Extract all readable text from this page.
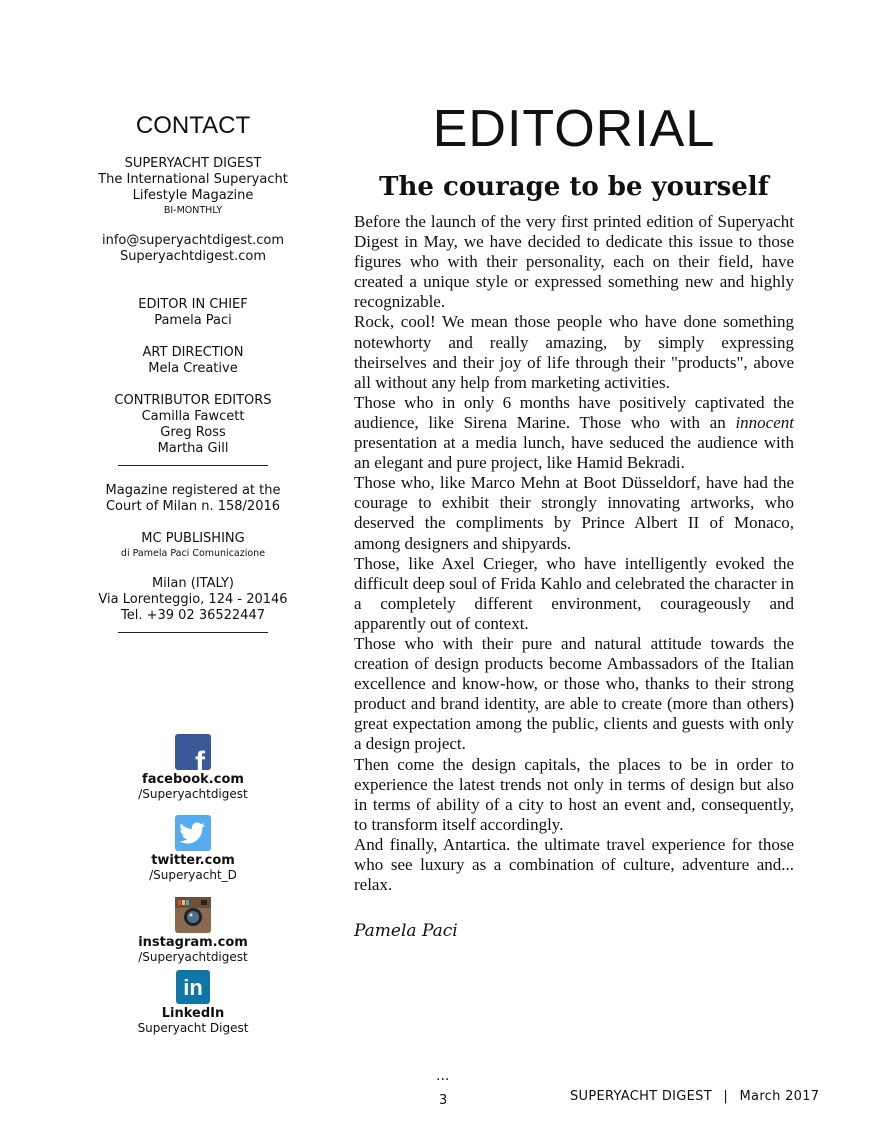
CONTACT
SUPERYACHT DIGEST
The International Superyacht
Lifestyle Magazine
BI-MONTHLY
info@superyachtdigest.com
Superyachtdigest.com
EDITOR IN CHIEF
Pamela Paci
ART DIRECTION
Mela Creative
CONTRIBUTOR EDITORS
Camilla Fawcett
Greg Ross
Martha Gill
Magazine registered at the
Court of Milan n. 158/2016
MC PUBLISHING
di Pamela Paci Comunicazione
Milan (ITALY)
Via Lorenteggio, 124 - 20146
Tel. +39 02 36522447
f
facebook.com
/Superyachtdigest
twitter.com
/Superyacht_D
instagram.com
/Superyachtdigest
in
LinkedIn
Superyacht Digest
EDITORIAL
The courage to be yourself

Before the launch of the very first printed edition of Superyacht Digest in May, we have decided to dedicate this issue to those figures who with their personality, each on their field, have created a unique style or expressed something new and highly recognizable.

Rock, cool! We mean those people who have done something notewhorty and really amazing, by simply expressing theirselves and their joy of life through their "products", above all without any help from marketing activities.

Those who in only 6 months have positively captivated the audience, like Sirena Marine. Those who with an innocent presentation at a media lunch, have seduced the audience with an elegant and pure project, like Hamid Bekradi.

Those who, like Marco Mehn at Boot Düsseldorf, have had the courage to exhibit their strongly innovating artworks, who deserved the compliments by Prince Albert II of Monaco, among designers and shipyards.

Those, like Axel Crieger, who have intelligently evoked the difficult deep soul of Frida Kahlo and celebrated the character in a completely different environment, courageously and apparently out of context.

Those who with their pure and natural attitude towards the creation of design products become Ambassadors of the Italian excellence and know-how, or those who, thanks to their strong product and brand identity, are able to create (more than others) great expectation among the public, clients and guests with only a design project.

Then come the design capitals, the places to be in order to experience the latest trends not only in terms of design but also in terms of ability of a city to host an event and, consequently, to transform itself accordingly.

And finally, Antartica. the ultimate travel experience for those who see luxury as a combination of culture, adventure and... relax.

Pamela Paci
...
3	SUPERYACHT DIGEST | March 2017
